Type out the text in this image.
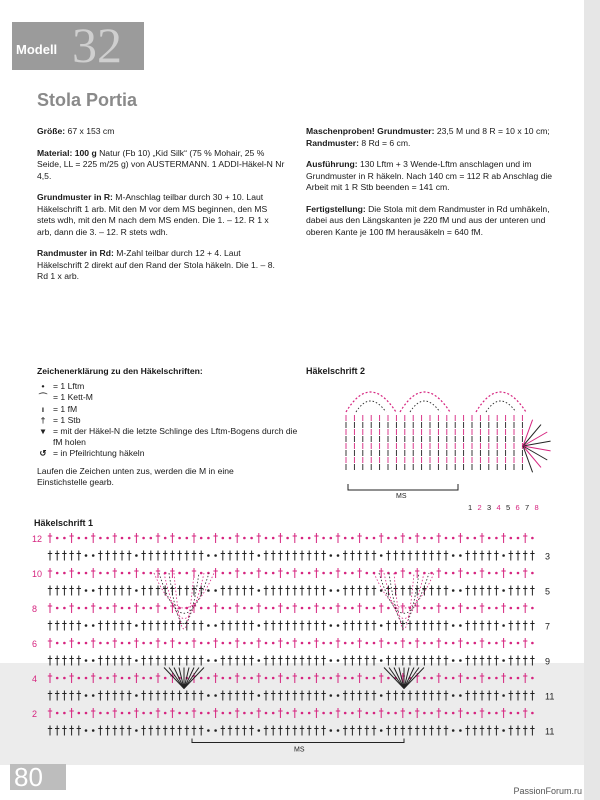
Modell 32
Stola Portia

Größe: 67 x 153 cm

Material: 100 g Natur (Fb 10) „Kid Silk“ (75 % Mohair, 25 % Seide, LL = 225 m/25 g) von AUSTERMANN. 1 ADDI-Häkel-N Nr 4,5.

Grundmuster in R: M-Anschlag teilbar durch 30 + 10. Laut Häkelschrift 1 arb. Mit den M vor dem MS beginnen, den MS stets wdh, mit den M nach dem MS enden. Die 1. – 12. R 1 x arb, dann die 3. – 12. R stets wdh.

Randmuster in Rd: M-Zahl teilbar durch 12 + 4. Laut Häkelschrift 2 direkt auf den Rand der Stola häkeln. Die 1. – 8. Rd 1 x arb.

Maschenproben! Grundmuster: 23,5 M und 8 R = 10 x 10 cm; Randmuster: 8 Rd = 6 cm.

Ausführung: 130 Lftm + 3 Wende-Lftm anschlagen und im Grundmuster in R häkeln. Nach 140 cm = 112 R ab Anschlag die Arbeit mit 1 R Stb beenden = 141 cm.

Fertigstellung: Die Stola mit dem Randmuster in Rd umhäkeln, dabei aus den Längskanten je 220 fM und aus der unteren und oberen Kante je 100 fM herausäkeln = 640 fM.

Zeichenerklärung zu den Häkelschriften:
• = 1 Lftm
⌒ = 1 Kett-M
ı	= 1 fM
† = 1 Stb
▾ = mit der Häkel-N die letzte Schlinge des Lftm-Bogens durch die fM holen
↺ = in Pfeilrichtung häkeln
Laufen die Zeichen unten zus, werden die M in eine Einstichstelle gearb.
Häkelschrift 2
MS
1 2 3 4 5 6 7 8
Häkelschrift 1
12
3
10
5
8
7
6
9
4
11
2
11
MS
80	PassionForum.ru
